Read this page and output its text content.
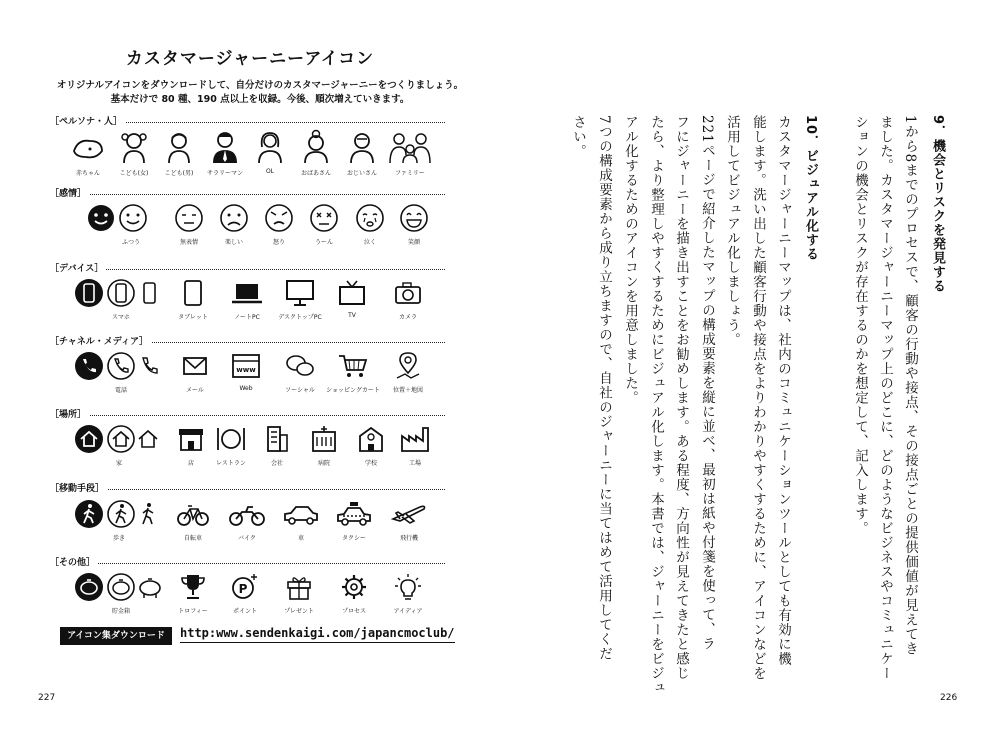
カスタマージャーニーアイコン
オリジナルアイコンをダウンロードして、自分だけのカスタマージャーニーをつくりましょう。
基本だけで 80 種、190 点以上を収録。今後、順次増えていきます。
［ペルソナ・人］
赤ちゃん	こども(女)	こども(男)	サラリーマン	OL	おばあさん	おじいさん	ファミリー
［感情］
ふつう	無表情	楽しい	怒り	うーん	泣く	笑顔
［デバイス］
スマホ	タブレット	ノートPC	デスクトップPC	TV	カメラ
［チャネル・メディア］
www
電話	メール	Web	ソーシャル	ショッピングカート	位置＋地図
［場所］
家	店	レストラン	会社	病院	学校	工場
［移動手段］
歩き	自転車	バイク	車	タクシー	飛行機
［その他］
P
貯金箱	トロフィー	ポイント	プレゼント	プロセス	アイディア
アイコン集ダウンロード	http:www.sendenkaigi.com/japancmoclub/
227
9．機会とリスクを発見する
1から8までのプロセスで、顧客の行動や接点、その接点ごとの提供価値が見えてき
ました。カスタマージャーニーマップ上のどこに、どのようなビジネスやコミュニケー
ションの機会とリスクが存在するのかを想定して、記入します。
10．ビジュアル化する
カスタマージャーニーマップは、社内のコミュニケーションツールとしても有効に機
能します。洗い出した顧客行動や接点をよりわかりやすくするために、アイコンなどを
活用してビジュアル化しましょう。
221ページで紹介したマップの構成要素を縦に並べ、最初は紙や付箋を使って、ラ
フにジャーニーを描き出すことをお勧めします。ある程度、方向性が見えてきたと感じ
たら、より整理しやすくするためにビジュアル化します。本書では、ジャーニーをビジュ
アル化するためのアイコンを用意しました。
7つの構成要素から成り立ちますので、自社のジャーニーに当てはめて活用してくだ
さい。
226
